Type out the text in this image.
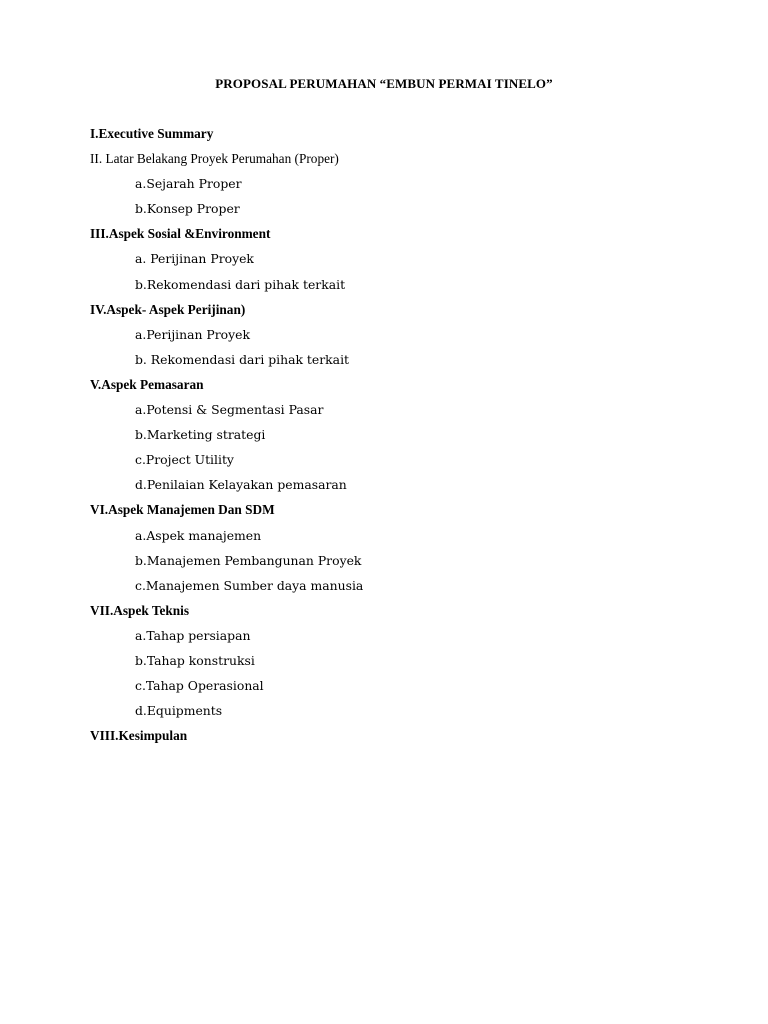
PROPOSAL PERUMAHAN “EMBUN PERMAI TINELO”
I.Executive Summary
II. Latar Belakang Proyek Perumahan (Proper)
a.Sejarah Proper
b.Konsep Proper
III.Aspek Sosial &Environment
a. Perijinan Proyek
b.Rekomendasi dari pihak terkait
IV.Aspek- Aspek Perijinan)
a.Perijinan Proyek
b. Rekomendasi dari pihak terkait
V.Aspek Pemasaran
a.Potensi & Segmentasi Pasar
b.Marketing strategi
c.Project Utility
d.Penilaian Kelayakan pemasaran
VI.Aspek Manajemen Dan SDM
a.Aspek manajemen
b.Manajemen Pembangunan Proyek
c.Manajemen Sumber daya manusia
VII.Aspek Teknis
a.Tahap persiapan
b.Tahap konstruksi
c.Tahap Operasional
d.Equipments
VIII.Kesimpulan
